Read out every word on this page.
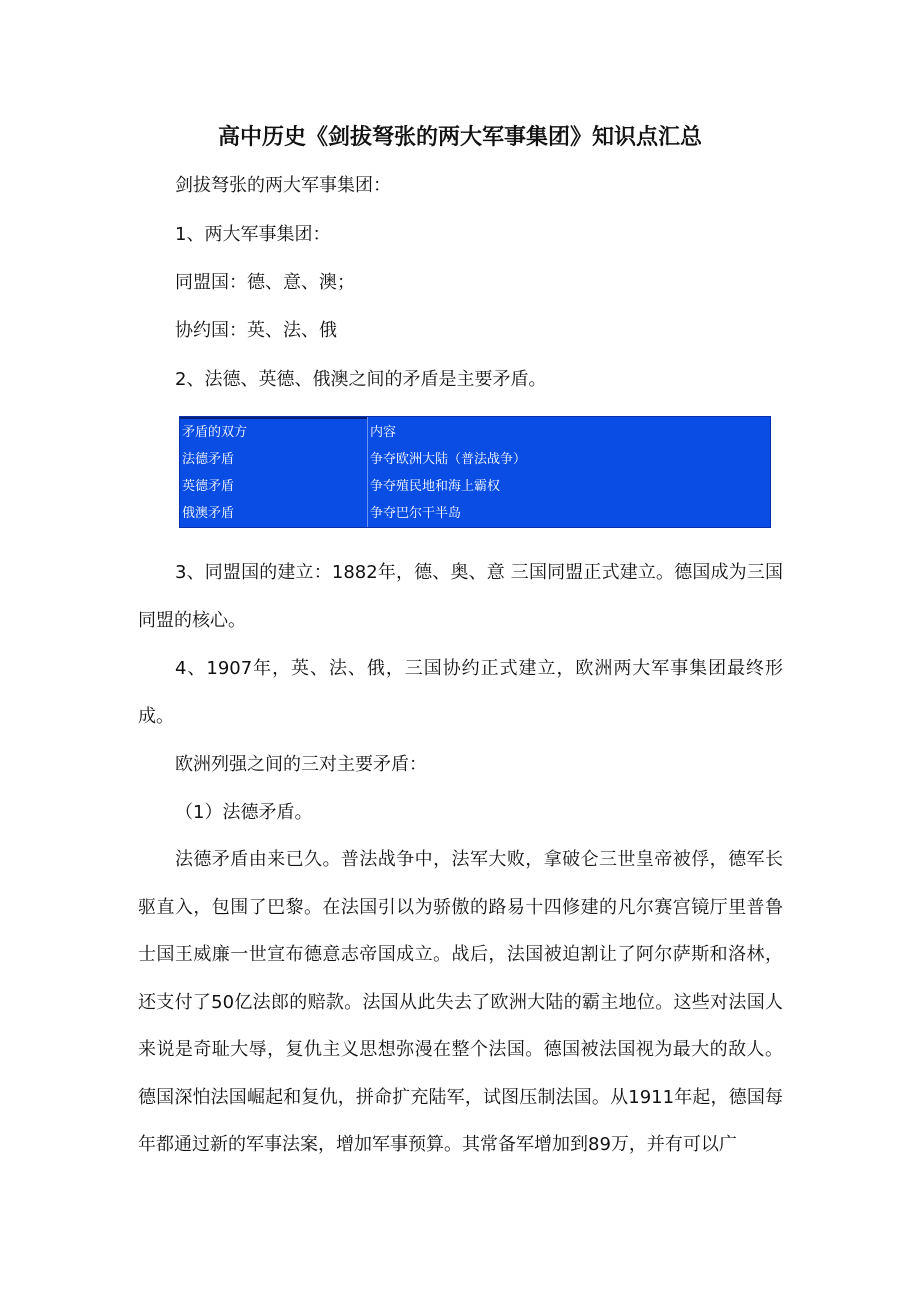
高中历史《剑拔弩张的两大军事集团》知识点汇总
剑拔弩张的两大军事集团：
1、两大军事集团：
同盟国：德、意、澳；
协约国：英、法、俄
2、法德、英德、俄澳之间的矛盾是主要矛盾。
矛盾的双方	内容
法德矛盾	争夺欧洲大陆（普法战争）
英德矛盾	争夺殖民地和海上霸权
俄澳矛盾	争夺巴尔干半岛
3、同盟国的建立：1882年，德、奥、意 三国同盟正式建立。德国成为三国同盟的核心。
4、1907年，英、法、俄，三国协约正式建立，欧洲两大军事集团最终形成。
欧洲列强之间的三对主要矛盾：
（1）法德矛盾。
法德矛盾由来已久。普法战争中，法军大败，拿破仑三世皇帝被俘，德军长驱直入，包围了巴黎。在法国引以为骄傲的路易十四修建的凡尔赛宫镜厅里普鲁士国王威廉一世宣布德意志帝国成立。战后，法国被迫割让了阿尔萨斯和洛林，还支付了50亿法郎的赔款。法国从此失去了欧洲大陆的霸主地位。这些对法国人来说是奇耻大辱，复仇主义思想弥漫在整个法国。德国被法国视为最大的敌人。德国深怕法国崛起和复仇，拼命扩充陆军，试图压制法国。从1911年起，德国每年都通过新的军事法案，增加军事预算。其常备军增加到89万，并有可以广
